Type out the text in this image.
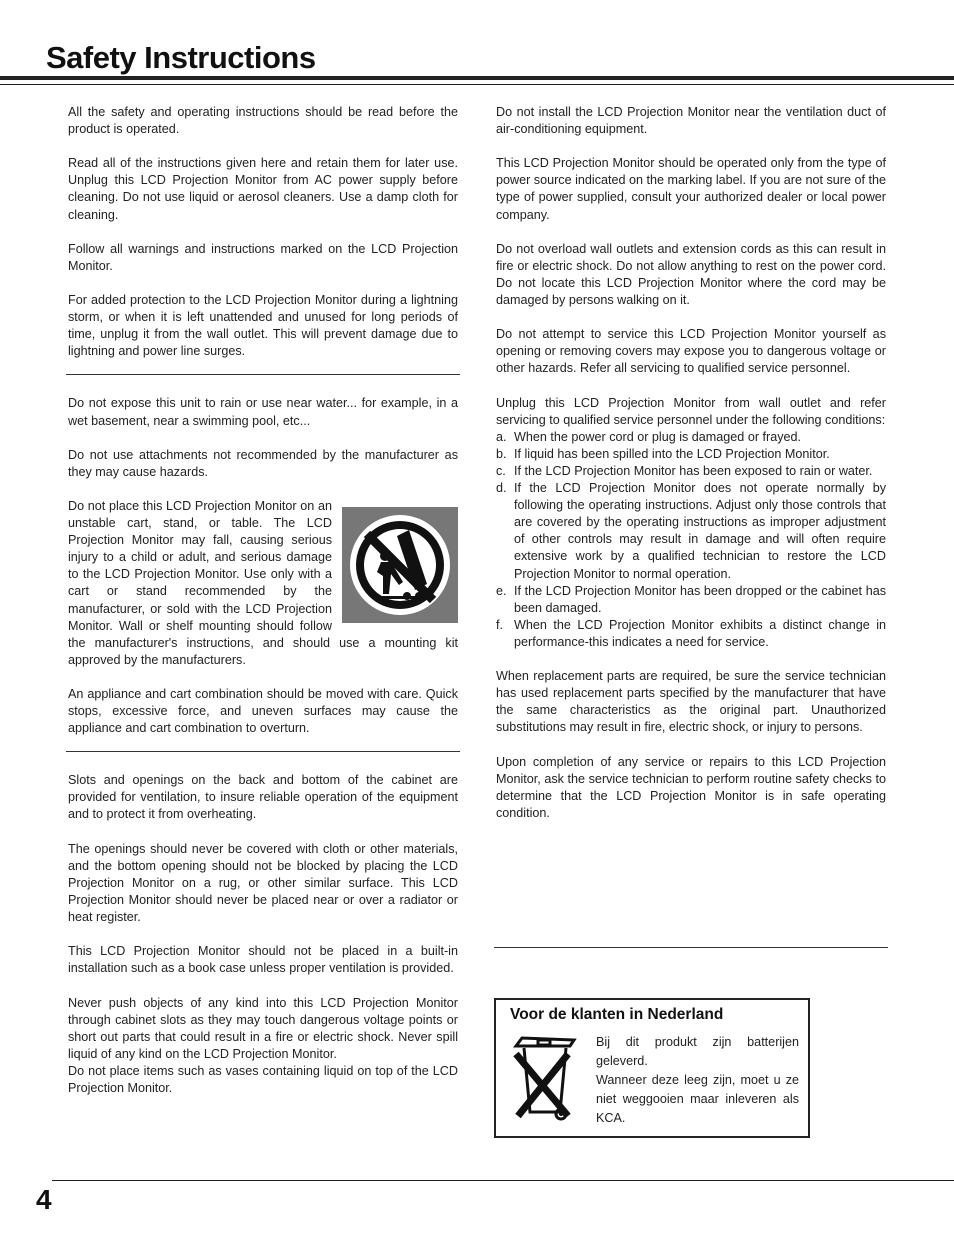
Safety Instructions

All the safety and operating instructions should be read before the product is operated.

Read all of the instructions given here and retain them for later use. Unplug this LCD Projection Monitor from AC power supply before cleaning. Do not use liquid or aerosol cleaners. Use a damp cloth for cleaning.

Follow all warnings and instructions marked on the LCD Projection Monitor.

For added protection to the LCD Projection Monitor during a lightning storm, or when it is left unattended and unused for long periods of time, unplug it from the wall outlet. This will prevent damage due to lightning and power line surges.

Do not expose this unit to rain or use near water... for example, in a wet basement, near a swimming pool, etc...

Do not use attachments not recommended by the manufacturer as they may cause hazards.

Do not place this LCD Projection Monitor on an unstable cart, stand, or table. The LCD Projection Monitor may fall, causing serious injury to a child or adult, and serious damage to the LCD Projection Monitor. Use only with a cart or stand recommended by the manufacturer, or sold with the LCD Projection Monitor. Wall or shelf mounting should follow the manufacturer's instructions, and should use a mounting kit approved by the manufacturers.

An appliance and cart combination should be moved with care. Quick stops, excessive force, and uneven surfaces may cause the appliance and cart combination to overturn.

Slots and openings on the back and bottom of the cabinet are provided for ventilation, to insure reliable operation of the equipment and to protect it from overheating.

The openings should never be covered with cloth or other materials, and the bottom opening should not be blocked by placing the LCD Projection Monitor on a rug, or other similar surface. This LCD Projection Monitor should never be placed near or over a radiator or heat register.

This LCD Projection Monitor should not be placed in a built-in installation such as a book case unless proper ventilation is provided.

Never push objects of any kind into this LCD Projection Monitor through cabinet slots as they may touch dangerous voltage points or short out parts that could result in a fire or electric shock. Never spill liquid of any kind on the LCD Projection Monitor.

Do not place items such as vases containing liquid on top of the LCD Projection Monitor.

Do not install the LCD Projection Monitor near the ventilation duct of air-conditioning equipment.

This LCD Projection Monitor should be operated only from the type of power source indicated on the marking label. If you are not sure of the type of power supplied, consult your authorized dealer or local power company.

Do not overload wall outlets and extension cords as this can result in fire or electric shock. Do not allow anything to rest on the power cord. Do not locate this LCD Projection Monitor where the cord may be damaged by persons walking on it.

Do not attempt to service this LCD Projection Monitor yourself as opening or removing covers may expose you to dangerous voltage or other hazards. Refer all servicing to qualified service personnel.

Unplug this LCD Projection Monitor from wall outlet and refer servicing to qualified service personnel under the following conditions:

a. When the power cord or plug is damaged or frayed.
b. If liquid has been spilled into the LCD Projection Monitor.
c. If the LCD Projection Monitor has been exposed to rain or water.
d. If the LCD Projection Monitor does not operate normally by following the operating instructions. Adjust only those controls that are covered by the operating instructions as improper adjustment of other controls may result in damage and will often require extensive work by a qualified technician to restore the LCD Projection Monitor to normal operation.
e. If the LCD Projection Monitor has been dropped or the cabinet has been damaged.
f. When the LCD Projection Monitor exhibits a distinct change in performance-this indicates a need for service.

When replacement parts are required, be sure the service technician has used replacement parts specified by the manufacturer that have the same characteristics as the original part. Unauthorized substitutions may result in fire, electric shock, or injury to persons.

Upon completion of any service or repairs to this LCD Projection Monitor, ask the service technician to perform routine safety checks to determine that the LCD Projection Monitor is in safe operating condition.

Voor de klanten in Nederland

Bij dit produkt zijn batterijen geleverd.

Wanneer deze leeg zijn, moet u ze niet weggooien maar inleveren als KCA.

4
